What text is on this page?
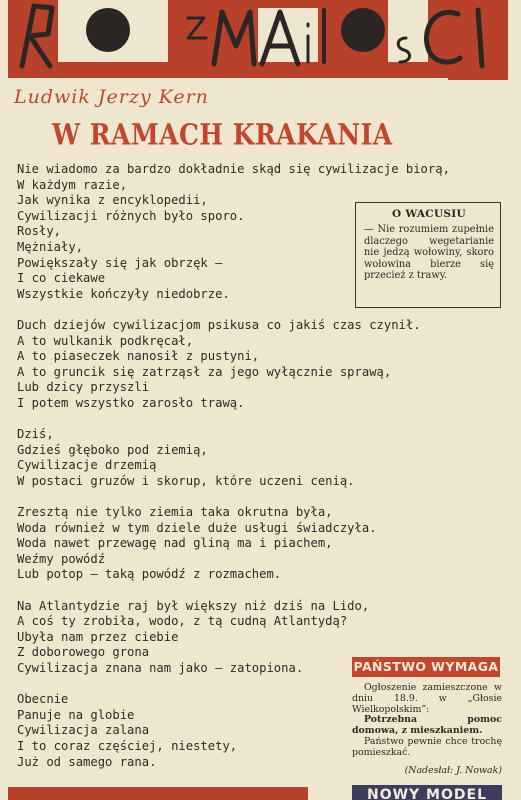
Ludwik Jerzy Kern
W RAMACH KRAKANIA
Nie wiadomo za bardzo dokładnie skąd się cywilizacje biorą,
W każdym razie,
Jak wynika z encyklopedii,
Cywilizacji różnych było sporo.
Rosły,
Mężniały,
Powiększały się jak obrzęk —
I co ciekawe
Wszystkie kończyły niedobrze.
Duch dziejów cywilizacjom psikusa co jakiś czas czynił.
A to wulkanik podkręcał,
A to piaseczek nanosił z pustyni,
A to gruncik się zatrząsł za jego wyłącznie sprawą,
Lub dzicy przyszli
I potem wszystko zarosło trawą.
Dziś,
Gdzieś głęboko pod ziemią,
Cywilizacje drzemią
W postaci gruzów i skorup, które uczeni cenią.
Zresztą nie tylko ziemia taka okrutna była,
Woda również w tym dziele duże usługi świadczyła.
Woda nawet przewagę nad gliną ma i piachem,
Weźmy powódź
Lub potop — taką powódź z rozmachem.
Na Atlantydzie raj był większy niż dziś na Lido,
A coś ty zrobiła, wodo, z tą cudną Atlantydą?
Ubyła nam przez ciebie
Z doborowego grona
Cywilizacja znana nam jako — zatopiona.
Obecnie
Panuje na globie
Cywilizacja zalana
I to coraz częściej, niestety,
Już od samego rana.
O WACUSIU
— Nie rozumiem zupełnie dlaczego wegetarianie nie jedzą wołowiny, skoro wołowina bierze się przecież z trawy.
PAŃSTWO WYMAGA

Ogłoszenie zamieszczone w dniu 18.9. w „Głosie Wielkopolskim”:

Potrzebna pomoc domowa, z mieszkaniem.

Państwo pewnie chce trochę pomieszkać.

(Nadesłał: J. Nowak)
NOWY MODEL
